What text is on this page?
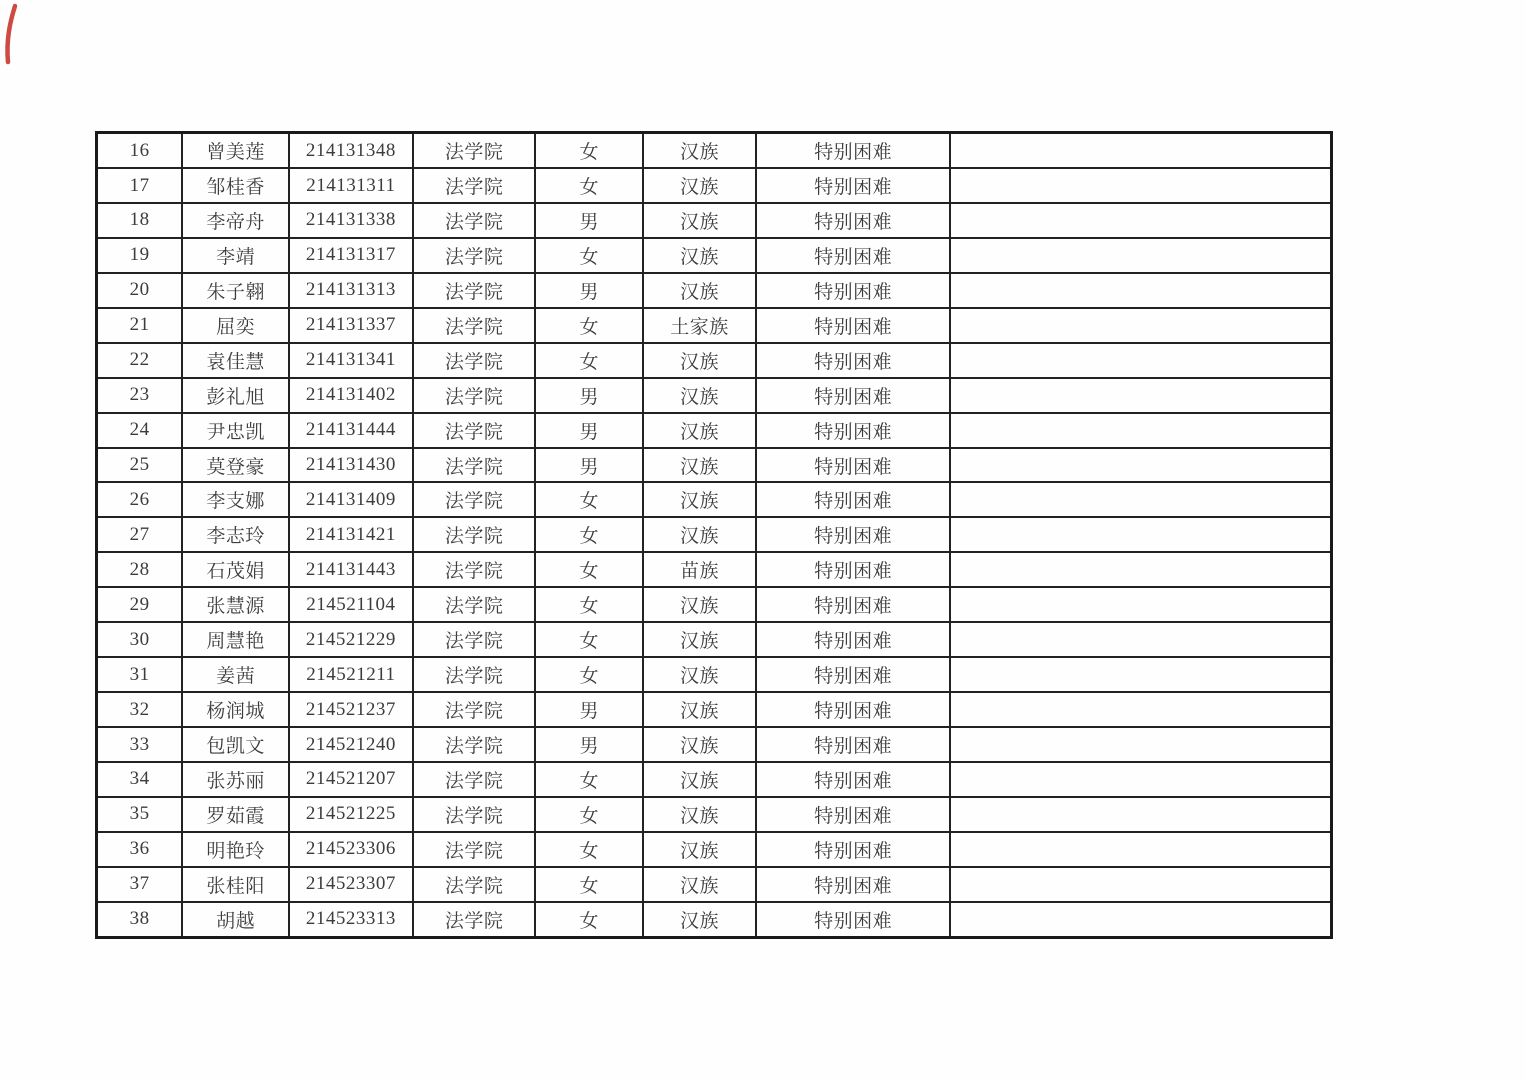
16	曾美莲	214131348	法学院	女	汉族	特别困难	
17	邹桂香	214131311	法学院	女	汉族	特别困难	
18	李帝舟	214131338	法学院	男	汉族	特别困难	
19	李靖	214131317	法学院	女	汉族	特别困难	
20	朱子翱	214131313	法学院	男	汉族	特别困难	
21	屈奕	214131337	法学院	女	土家族	特别困难	
22	袁佳慧	214131341	法学院	女	汉族	特别困难	
23	彭礼旭	214131402	法学院	男	汉族	特别困难	
24	尹忠凯	214131444	法学院	男	汉族	特别困难	
25	莫登豪	214131430	法学院	男	汉族	特别困难	
26	李支娜	214131409	法学院	女	汉族	特别困难	
27	李志玲	214131421	法学院	女	汉族	特别困难	
28	石茂娟	214131443	法学院	女	苗族	特别困难	
29	张慧源	214521104	法学院	女	汉族	特别困难	
30	周慧艳	214521229	法学院	女	汉族	特别困难	
31	姜茜	214521211	法学院	女	汉族	特别困难	
32	杨润城	214521237	法学院	男	汉族	特别困难	
33	包凯文	214521240	法学院	男	汉族	特别困难	
34	张苏丽	214521207	法学院	女	汉族	特别困难	
35	罗茹霞	214521225	法学院	女	汉族	特别困难	
36	明艳玲	214523306	法学院	女	汉族	特别困难	
37	张桂阳	214523307	法学院	女	汉族	特别困难	
38	胡越	214523313	法学院	女	汉族	特别困难	
